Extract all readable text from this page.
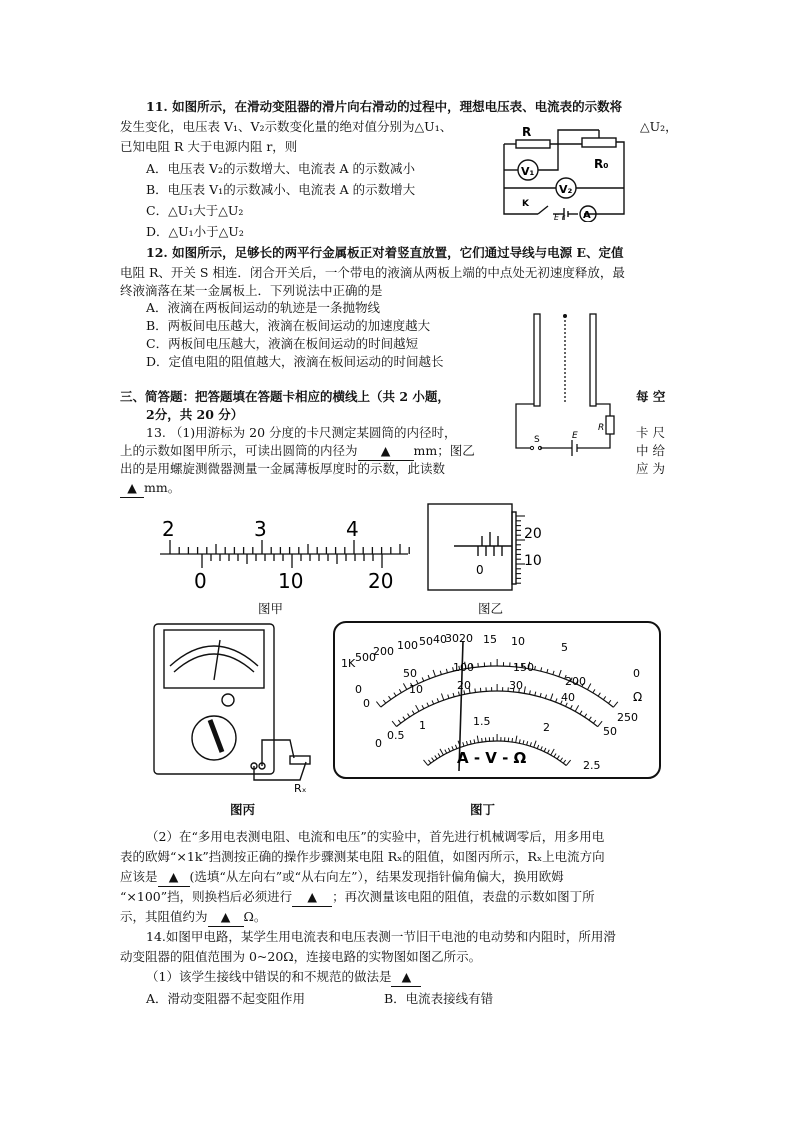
11. 如图所示，在滑动变阻器的滑片向右滑动的过程中，理想电压表、电流表的示数将
发生变化，电压表 V₁、V₂示数变化量的绝对值分别为△U₁、	△U₂，
已知电阻 R 大于电源内阻 r，则
A．电压表 V₂的示数增大、电流表 A 的示数减小
B．电压表 V₁的示数减小、电流表 A 的示数增大
C．△U₁大于△U₂
D．△U₁小于△U₂
R
R₀
V₁
V₂
K
E r A
12. 如图所示，足够长的两平行金属板正对着竖直放置，它们通过导线与电源 E、定值
电阻 R、开关 S 相连．闭合开关后，一个带电的液滴从两板上端的中点处无初速度释放，最
终液滴落在某一金属板上．下列说法中正确的是
A．液滴在两板间运动的轨迹是一条抛物线
B．两板间电压越大，液滴在板间运动的加速度越大
C．两板间电压越大，液滴在板间运动的时间越短
D．定值电阻的阻值越大，液滴在板间运动的时间越长
S	E
R
三、简答题：把答题填在答题卡相应的横线上（共 2 小题，	每 空
2分，共 20 分）
13. （1)用游标为 20 分度的卡尺测定某圆筒的内径时，	卡 尺
上的示数如图甲所示，可读出圆筒的内径为 ▲ mm；图乙	中 给
出的是用螺旋测微器测量一金属薄板厚度时的示数，此读数	应 为
▲ mm。
2	3	4
0	10	20
图甲
20
10
0
图乙
Rₓ
图丙
A - V - Ω
Ω
1K 500
200 100 50 40
30 20 15 10	5
0
0
50	100	150
200
250
0
10	20	30
40
50
0
0.5
1	1.5	2
2.5
图丁
（2）在“多用电表测电阻、电流和电压”的实验中，首先进行机械调零后，用多用电
表的欧姆“×1k”挡测按正确的操作步骤测某电阻 Rₓ的阻值，如图丙所示，Rₓ上电流方向
应该是 ▲ (选填“从左向右”或“从右向左”），结果发现指针偏角偏大，换用欧姆
“×100”挡，则换档后必须进行 ▲ ；再次测量该电阻的阻值，表盘的示数如图丁所
示，其阻值约为 ▲ Ω。
14.如图甲电路，某学生用电流表和电压表测一节旧干电池的电动势和内阻时，所用滑
动变阻器的阻值范围为 0~20Ω，连接电路的实物图如图乙所示。
（1）该学生接线中错误的和不规范的做法是 ▲
A．滑动变阻器不起变阻作用	B．电流表接线有错
